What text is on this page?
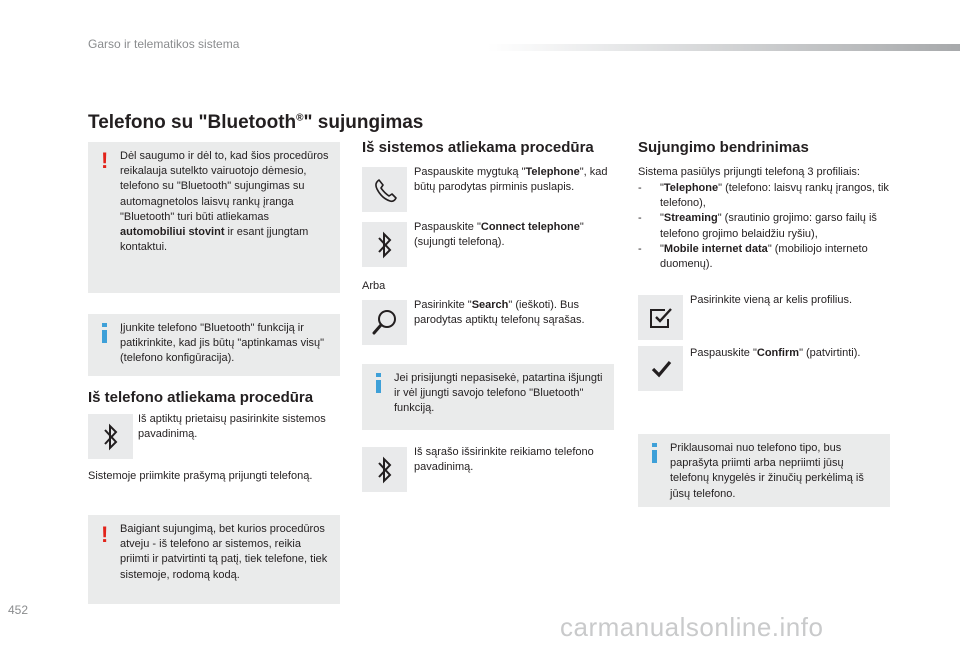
Garso ir telematikos sistema
Telefono su "Bluetooth®" sujungimas
! Dėl saugumo ir dėl to, kad šios procedūros reikalauja sutelkto vairuotojo dėmesio, telefono su "Bluetooth" sujungimas su automagnetolos laisvų rankų įranga "Bluetooth" turi būti atliekamas automobiliui stovint ir esant įjungtam kontaktui.
Įjunkite telefono "Bluetooth" funkciją ir patikrinkite, kad jis būtų "aptinkamas visų" (telefono konfigūracija).
Iš telefono atliekama procedūra
Iš aptiktų prietaisų pasirinkite sistemos pavadinimą.
Sistemoje priimkite prašymą prijungti telefoną.
! Baigiant sujungimą, bet kurios procedūros atveju - iš telefono ar sistemos, reikia priimti ir patvirtinti tą patį, tiek telefone, tiek sistemoje, rodomą kodą.
Iš sistemos atliekama procedūra
Paspauskite mygtuką "Telephone", kad būtų parodytas pirminis puslapis.
Paspauskite "Connect telephone" (sujungti telefoną).
Arba
Pasirinkite "Search" (ieškoti). Bus parodytas aptiktų telefonų sąrašas.
Jei prisijungti nepasisekė, patartina išjungti ir vėl įjungti savojo telefono "Bluetooth" funkciją.
Iš sąrašo išsirinkite reikiamo telefono pavadinimą.
Sujungimo bendrinimas
Sistema pasiūlys prijungti telefoną 3 profiliais:
-	"Telephone" (telefono: laisvų rankų įrangos, tik telefono),
-	"Streaming" (srautinio grojimo: garso failų iš telefono grojimo belaidžiu ryšiu),
-	"Mobile internet data" (mobiliojo interneto duomenų).
Pasirinkite vieną ar kelis profilius.
Paspauskite "Confirm" (patvirtinti).
Priklausomai nuo telefono tipo, bus paprašyta priimti arba nepriimti jūsų telefonų knygelės ir žinučių perkėlimą iš jūsų telefono.
452
carmanualsonline.info
